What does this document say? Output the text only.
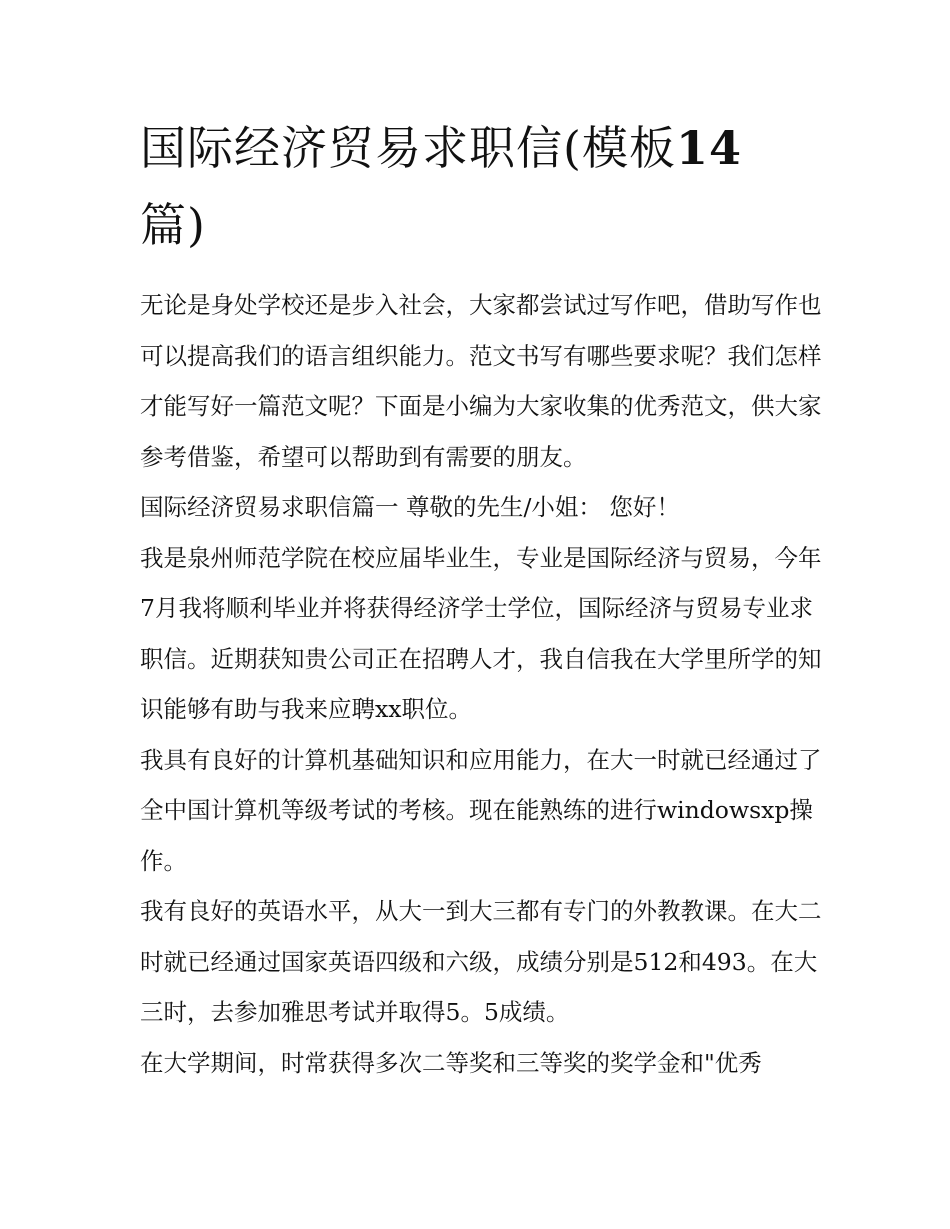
国际经济贸易求职信(模板14
篇)

无论是身处学校还是步入社会，大家都尝试过写作吧，借助写作也可以提高我们的语言组织能力。范文书写有哪些要求呢？我们怎样才能写好一篇范文呢？下面是小编为大家收集的优秀范文，供大家参考借鉴，希望可以帮助到有需要的朋友。

国际经济贸易求职信篇一 尊敬的先生/小姐： 您好！

我是泉州师范学院在校应届毕业生，专业是国际经济与贸易，今年7月我将顺利毕业并将获得经济学士学位，国际经济与贸易专业求职信。近期获知贵公司正在招聘人才，我自信我在大学里所学的知识能够有助与我来应聘xx职位。

我具有良好的计算机基础知识和应用能力，在大一时就已经通过了全中国计算机等级考试的考核。现在能熟练的进行windowsxp操作。

我有良好的英语水平，从大一到大三都有专门的外教教课。在大二时就已经通过国家英语四级和六级，成绩分别是512和493。在大三时，去参加雅思考试并取得5。5成绩。

在大学期间，时常获得多次二等奖和三等奖的奖学金和"优秀
